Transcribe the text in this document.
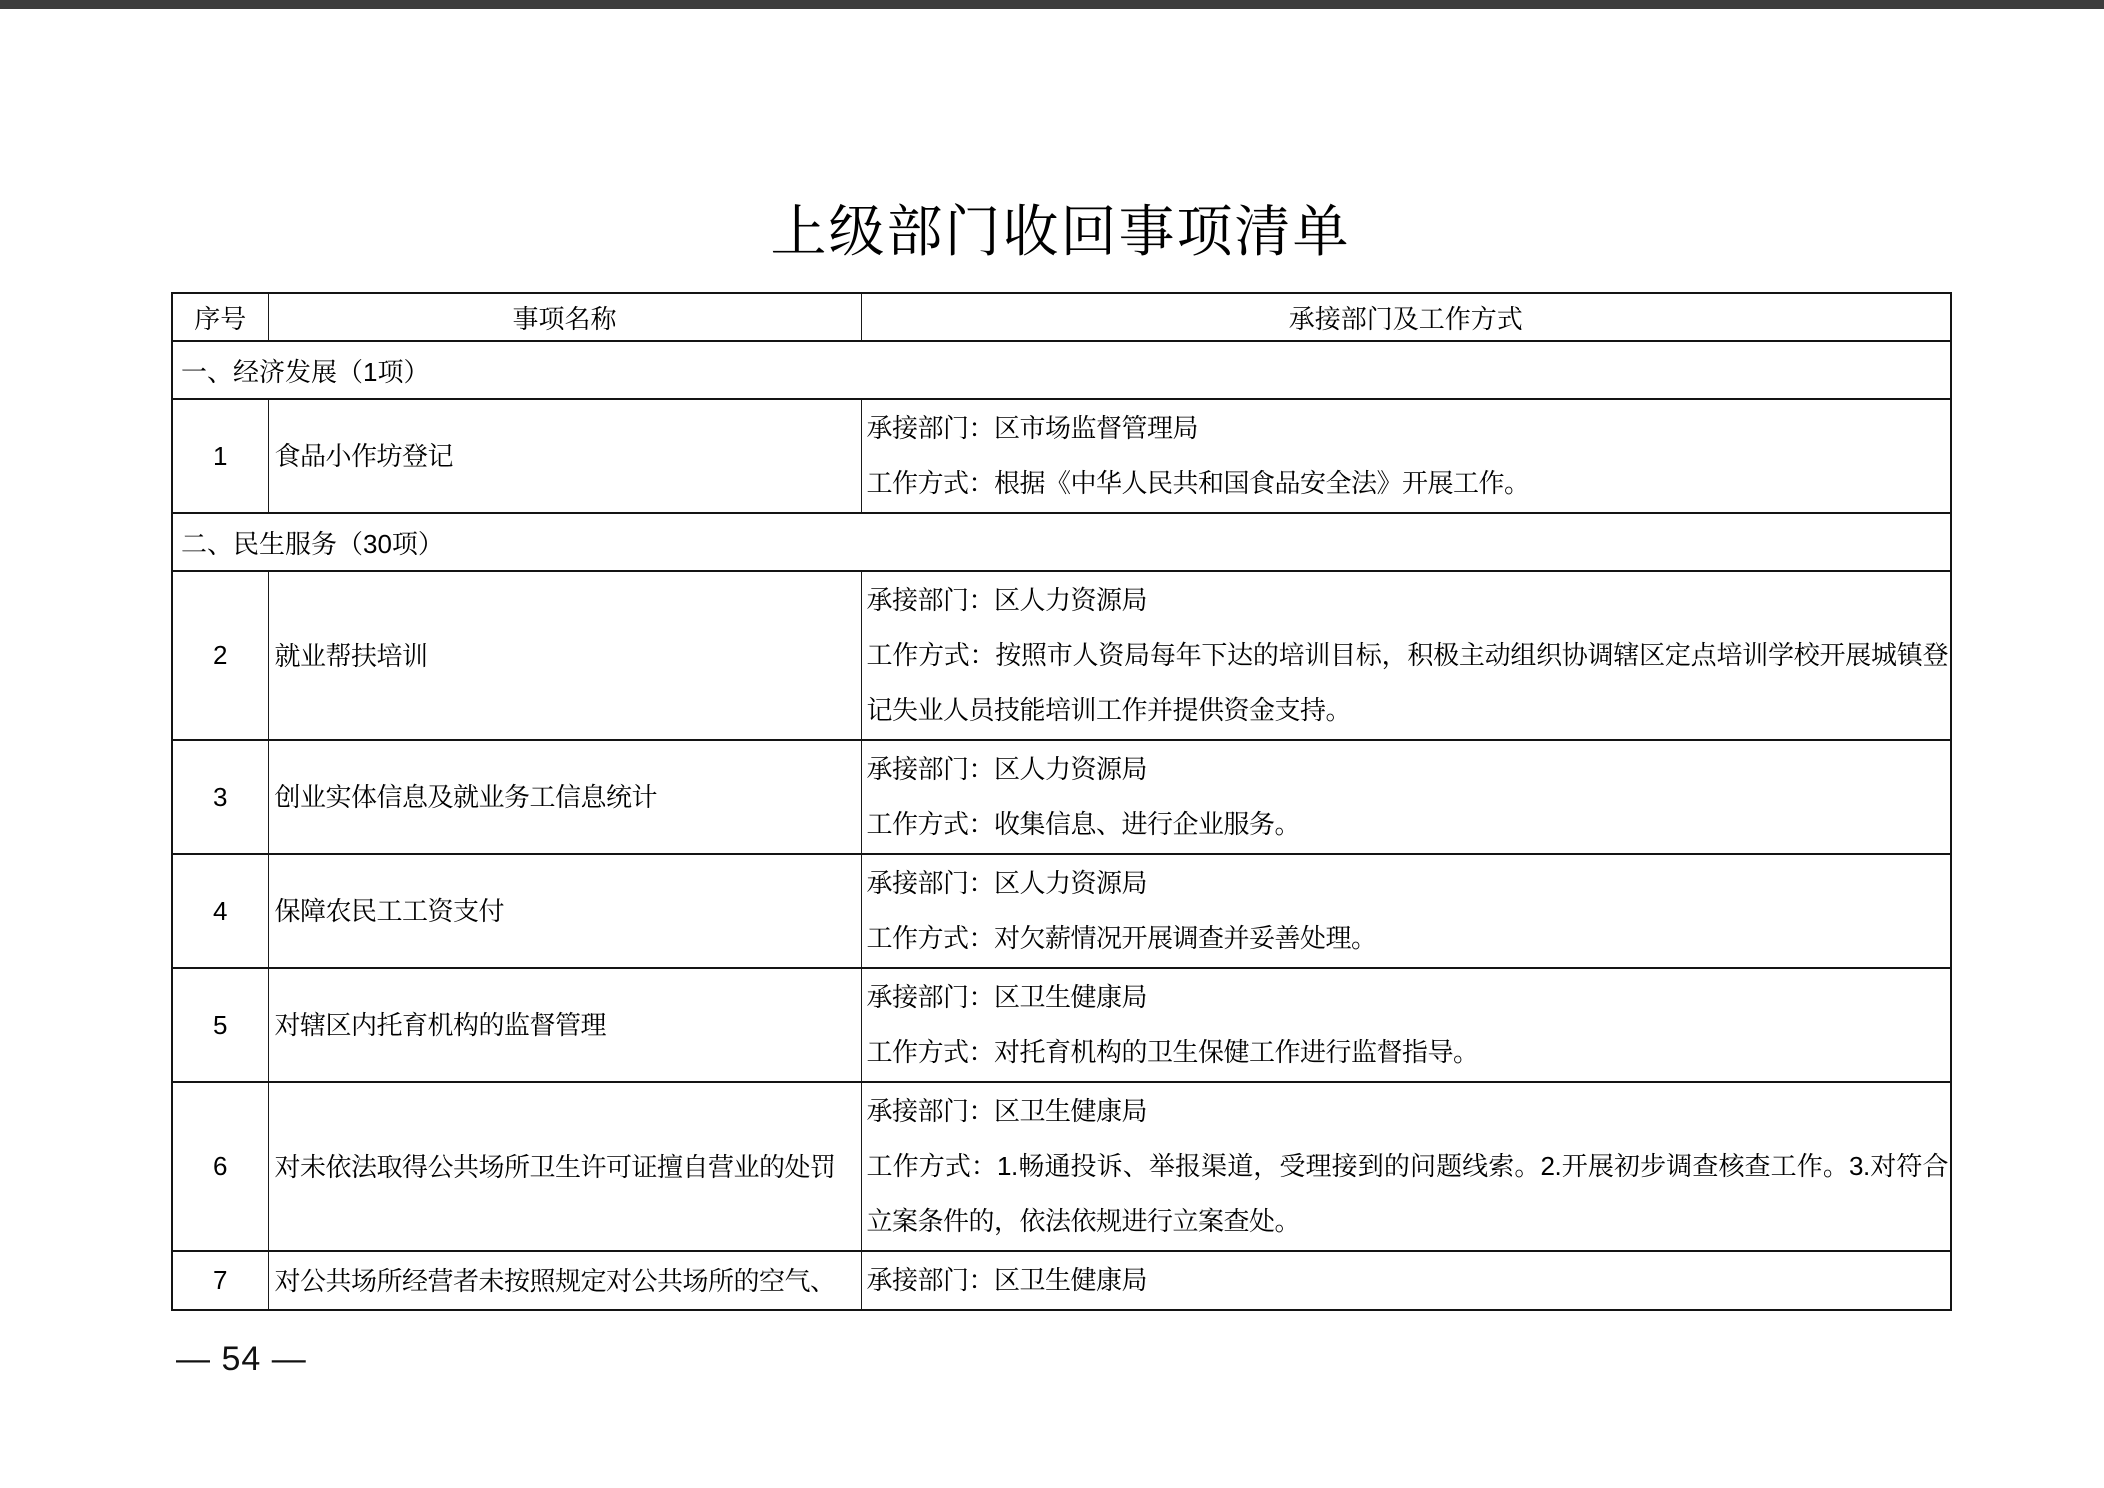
上级部门收回事项清单
序号	事项名称	承接部门及工作方式
一、经济发展（1项）		
1	食品小作坊登记	承接部门：区市场监督管理局
工作方式：根据《中华人民共和国食品安全法》开展工作。

二、民生服务（30项）		
2	就业帮扶培训	承接部门：区人力资源局
工作方式：按照市人资局每年下达的培训目标，积极主动组织协调辖区定点培训学校开展城镇登记失业人员技能培训工作并提供资金支持。

3	创业实体信息及就业务工信息统计	承接部门：区人力资源局
工作方式：收集信息、进行企业服务。

4	保障农民工工资支付	承接部门：区人力资源局
工作方式：对欠薪情况开展调查并妥善处理。

5	对辖区内托育机构的监督管理	承接部门：区卫生健康局
工作方式：对托育机构的卫生保健工作进行监督指导。

6	对未依法取得公共场所卫生许可证擅自营业的处罚	承接部门：区卫生健康局
工作方式：1.畅通投诉、举报渠道，受理接到的问题线索。2.开展初步调查核查工作。3.对符合立案条件的，依法依规进行立案查处。

7	对公共场所经营者未按照规定对公共场所的空气、	承接部门：区卫生健康局
— 54 —
